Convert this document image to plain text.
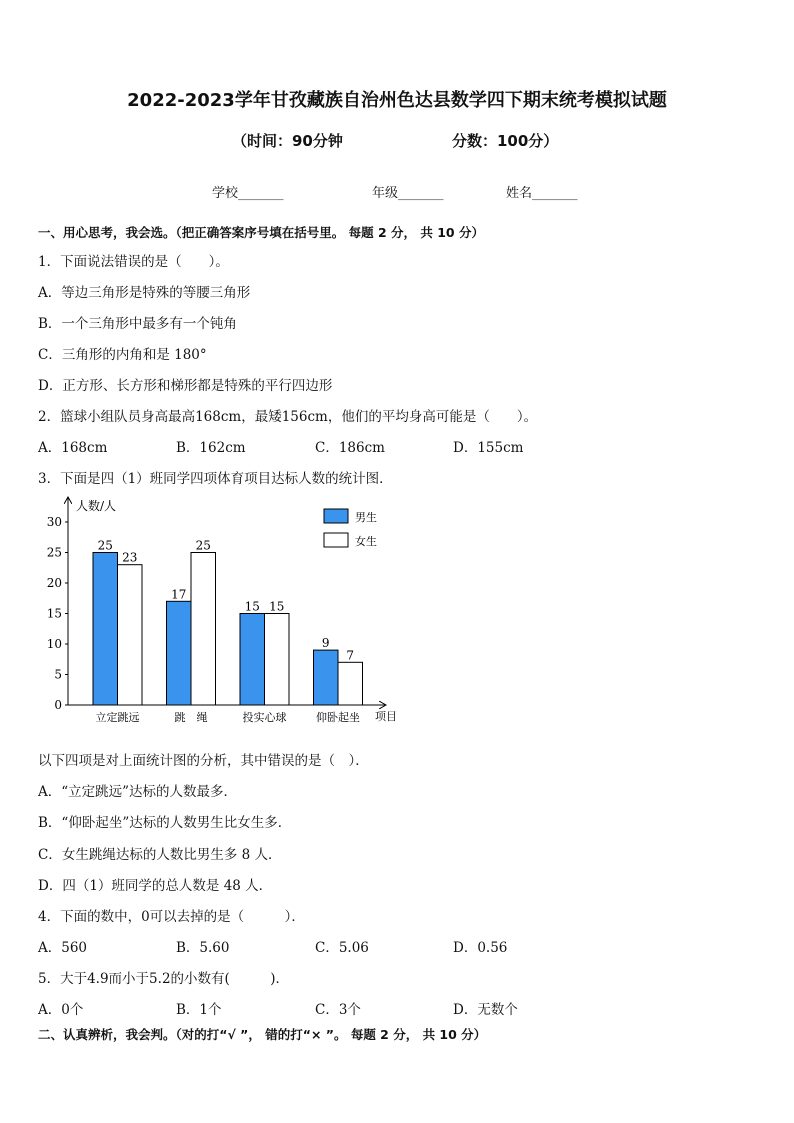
2022-2023学年甘孜藏族自治州色达县数学四下期末统考模拟试题
（时间：90分钟	分数：100分）
学校_______	年级_______	姓名_______
一、用心思考，我会选。（把正确答案序号填在括号里。 每题 2 分， 共 10 分）
1．下面说法错误的是（　　）。
A．等边三角形是特殊的等腰三角形
B．一个三角形中最多有一个钝角
C．三角形的内角和是 180°
D．正方形、长方形和梯形都是特殊的平行四边形
2．篮球小组队员身高最高168cm，最矮156cm，他们的平均身高可能是（　　）。
A．168cm	B．162cm	C．186cm	D．155cm
3．下面是四（1）班同学四项体育项目达标人数的统计图．
人数/人
项目
0
5
10
15
20
25
30
25
23
立定跳远
17
25
跳　绳
15 15
投实心球
9
7
仰卧起坐
男生
女生
以下四项是对上面统计图的分析，其中错误的是（　）．
A．“立定跳远”达标的人数最多．
B．“仰卧起坐”达标的人数男生比女生多．
C．女生跳绳达标的人数比男生多 8 人．
D．四（1）班同学的总人数是 48 人．
4．下面的数中，0可以去掉的是（　　　）．
A．560	B．5.60	C．5.06	D．0.56
5．大于4.9而小于5.2的小数有(　　　)．
A．0个	B．1个	C．3个	D．无数个
二、认真辨析，我会判。（对的打“√ ”， 错的打“× ”。 每题 2 分， 共 10 分）
